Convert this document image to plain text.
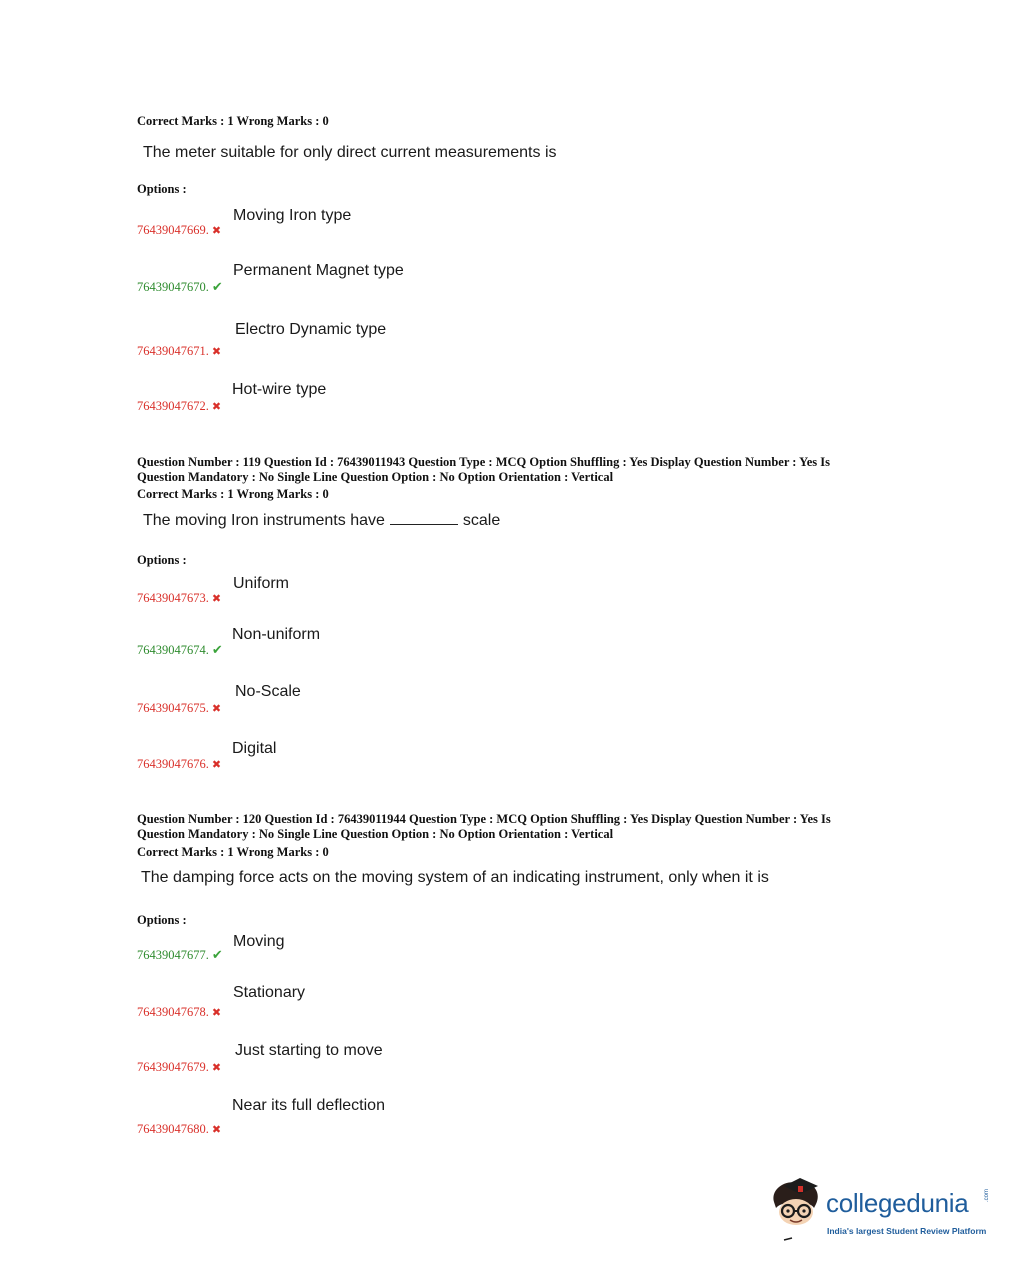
Correct Marks : 1 Wrong Marks : 0
The meter suitable for only direct current measurements is
Options :
Moving Iron type
76439047669. ✖
Permanent Magnet type
76439047670. ✔
Electro Dynamic type
76439047671. ✖
Hot-wire type
76439047672. ✖
Question Number : 119 Question Id : 76439011943 Question Type : MCQ Option Shuffling : Yes Display Question Number : Yes Is Question Mandatory : No Single Line Question Option : No Option Orientation : Vertical
Correct Marks : 1 Wrong Marks : 0
The moving Iron instruments have	scale
Options :
Uniform
76439047673. ✖
Non-uniform
76439047674. ✔
No-Scale
76439047675. ✖
Digital
76439047676. ✖
Question Number : 120 Question Id : 76439011944 Question Type : MCQ Option Shuffling : Yes Display Question Number : Yes Is Question Mandatory : No Single Line Question Option : No Option Orientation : Vertical
Correct Marks : 1 Wrong Marks : 0
The damping force acts on the moving system of an indicating instrument, only when it is
Options :
Moving
76439047677. ✔
Stationary
76439047678. ✖
Just starting to move
76439047679. ✖
Near its full deflection
76439047680. ✖
collegedunia	.com
India's largest Student Review Platform
